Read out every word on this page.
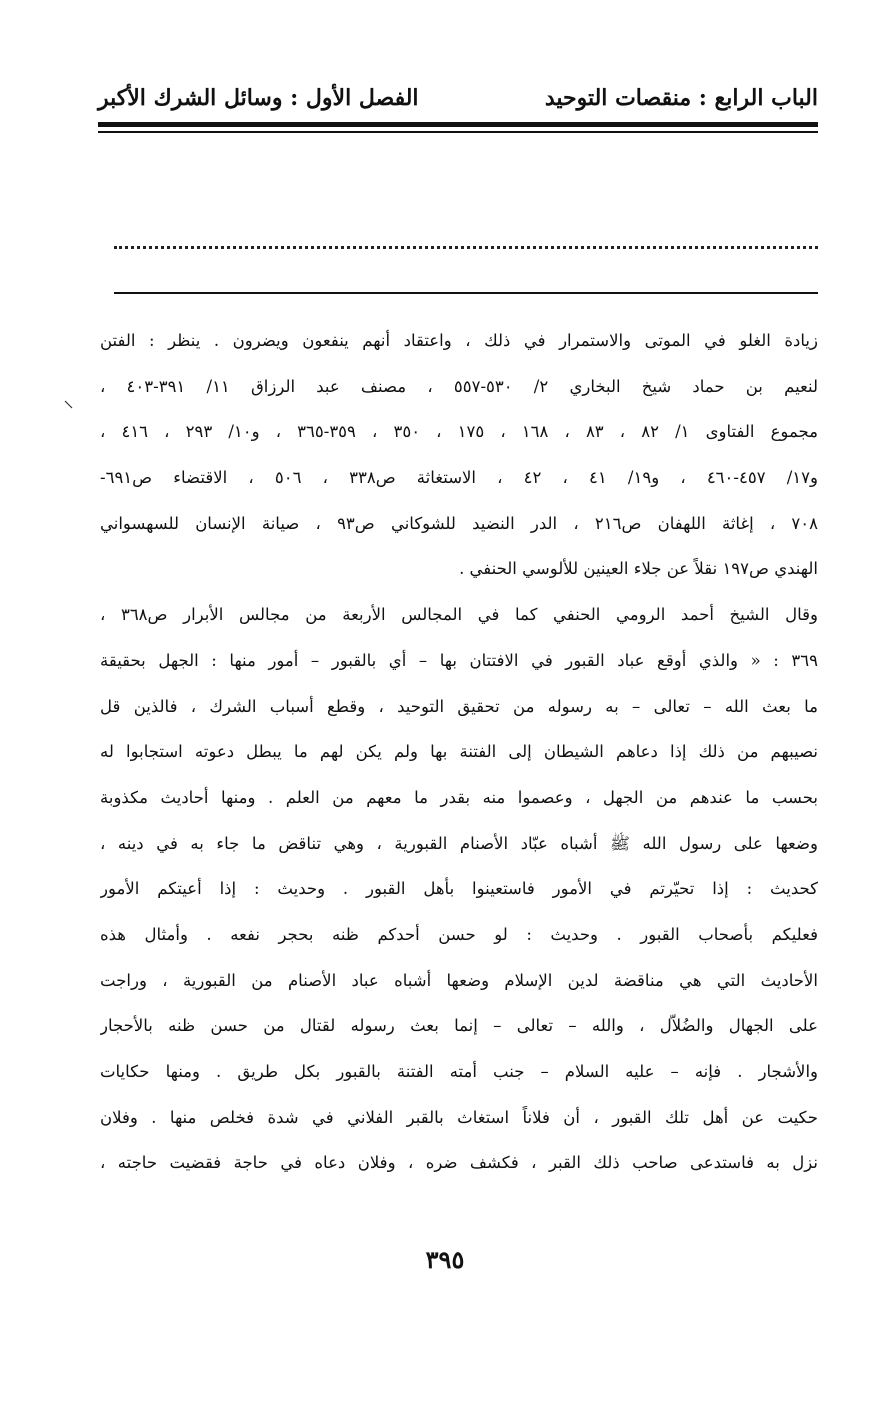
الباب الرابع : منقصات التوحيد
الفصل الأول : وسائل الشرك الأكبر
زيادة الغلو في الموتى والاستمرار في ذلك ، واعتقاد أنهم ينفعون ويضرون . ينظر : الفتن
لنعيم بن حماد شيخ البخاري ٢/ ٥٣٠-٥٥٧ ، مصنف عبد الرزاق ١١/ ٣٩١-٤٠٣ ،
مجموع الفتاوى ١/ ٨٢ ، ٨٣ ، ١٦٨ ، ١٧٥ ، ٣٥٠ ، ٣٥٩-٣٦٥ ، و١٠/ ٢٩٣ ، ٤١٦ ،
و١٧/ ٤٥٧-٤٦٠ ، و١٩/ ٤١ ، ٤٢ ، الاستغاثة ص٣٣٨ ، ٥٠٦ ، الاقتضاء ص٦٩١-
٧٠٨ ، إغاثة اللهفان ص٢١٦ ، الدر النضيد للشوكاني ص٩٣ ، صيانة الإنسان للسهسواني
الهندي ص١٩٧ نقلاً عن جلاء العينين للألوسي الحنفي .
وقال الشيخ أحمد الرومي الحنفي كما في المجالس الأربعة من مجالس الأبرار ص٣٦٨ ،
٣٦٩ : « والذي أوقع عباد القبور في الافتتان بها – أي بالقبور – أمور منها : الجهل بحقيقة
ما بعث الله – تعالى – به رسوله من تحقيق التوحيد ، وقطع أسباب الشرك ، فالذين قل
نصيبهم من ذلك إذا دعاهم الشيطان إلى الفتنة بها ولم يكن لهم ما يبطل دعوته استجابوا له
بحسب ما عندهم من الجهل ، وعصموا منه بقدر ما معهم من العلم . ومنها أحاديث مكذوبة
وضعها على رسول الله ﷺ أشباه عبّاد الأصنام القبورية ، وهي تناقض ما جاء به في دينه ،
كحديث : إذا تحيّرتم في الأمور فاستعينوا بأهل القبور . وحديث : إذا أعيتكم الأمور
فعليكم بأصحاب القبور . وحديث : لو حسن أحدكم ظنه بحجر نفعه . وأمثال هذه
الأحاديث التي هي مناقضة لدين الإسلام وضعها أشباه عباد الأصنام من القبورية ، وراجت
على الجهال والضُلاّل ، والله – تعالى – إنما بعث رسوله لقتال من حسن ظنه بالأحجار
والأشجار . فإنه – عليه السلام – جنب أمته الفتنة بالقبور بكل طريق . ومنها حكايات
حكيت عن أهل تلك القبور ، أن فلاناً استغاث بالقبر الفلاني في شدة فخلص منها . وفلان
نزل به فاستدعى صاحب ذلك القبر ، فكشف ضره ، وفلان دعاه في حاجة فقضيت حاجته ،
٣٩٥
